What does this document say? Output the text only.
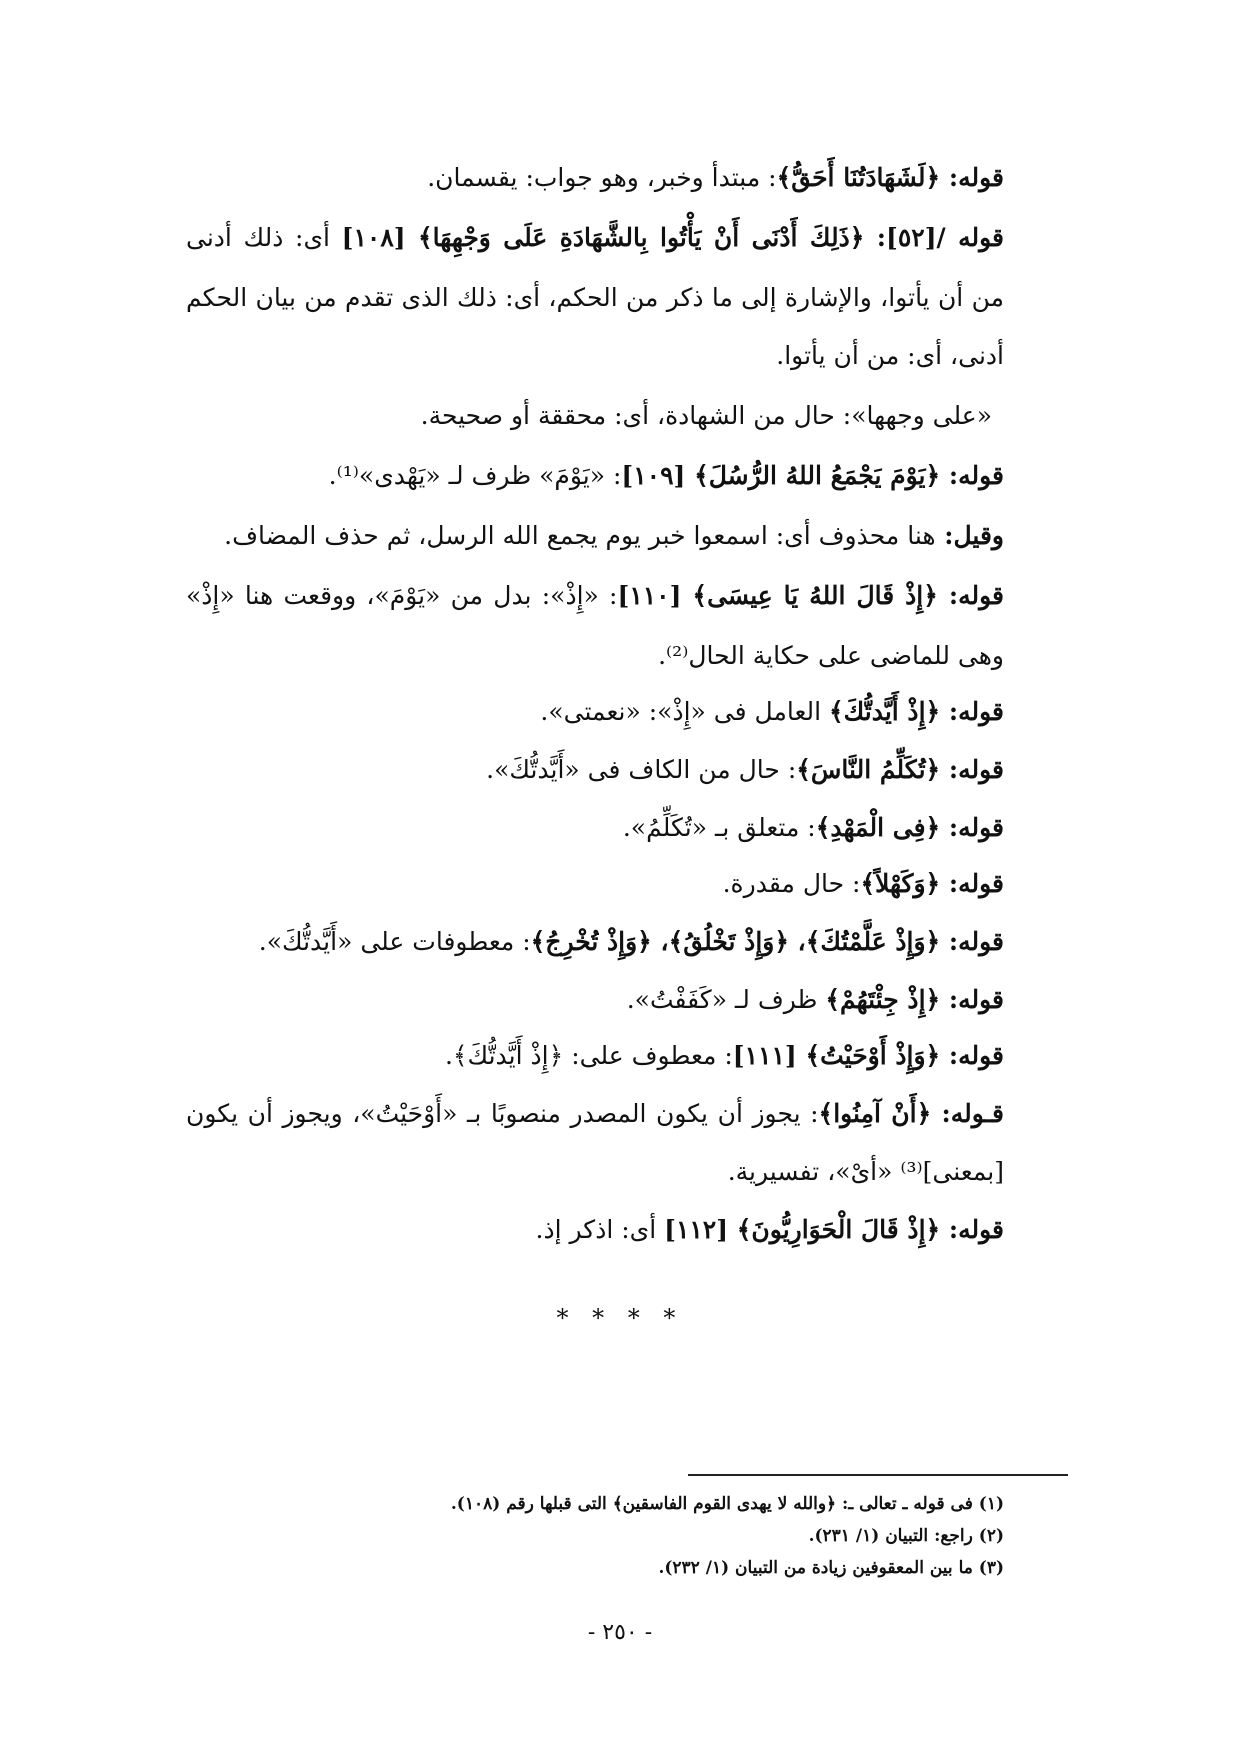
قوله: ﴿لَشَهَادَتُنَا أَحَقُّ﴾: مبتدأ وخبر، وهو جواب: يقسمان.
قوله /[٥٢]: ﴿ذَلِكَ أَدْنَى أَنْ يَأْتُوا بِالشَّهَادَةِ عَلَى وَجْهِهَا﴾ [١٠٨] أى: ذلك أدنى
من أن يأتوا، والإشارة إلى ما ذكر من الحكم، أى: ذلك الذى تقدم من بيان الحكم
أدنى، أى: من أن يأتوا.
«على وجهها»: حال من الشهادة، أى: محققة أو صحيحة.
قوله: ﴿يَوْمَ يَجْمَعُ اللهُ الرُّسُلَ﴾ [١٠٩]: «يَوْمَ» ظرف لـ «يَهْدى»⁽¹⁾.
وقيل: هنا محذوف أى: اسمعوا خبر يوم يجمع الله الرسل، ثم حذف المضاف.
قوله: ﴿إِذْ قَالَ اللهُ يَا عِيسَى﴾ [١١٠]: «إِذْ»: بدل من «يَوْمَ»، ووقعت هنا «إِذْ»
وهى للماضى على حكاية الحال⁽²⁾.
قوله: ﴿إِذْ أَيَّدتُّكَ﴾ العامل فى «إِذْ»: «نعمتى».
قوله: ﴿تُكَلِّمُ النَّاسَ﴾: حال من الكاف فى «أَيَّدتُّكَ».
قوله: ﴿فِى الْمَهْدِ﴾: متعلق بـ «تُكَلِّمُ».
قوله: ﴿وَكَهْلاً﴾: حال مقدرة.
قوله: ﴿وَإِذْ عَلَّمْتُكَ﴾، ﴿وَإِذْ تَخْلُقُ﴾، ﴿وَإِذْ تُخْرِجُ﴾: معطوفات على «أَيَّدتُّكَ».
قوله: ﴿إِذْ جِئْتَهُمْ﴾ ظرف لـ «كَفَفْتُ».
قوله: ﴿وَإِذْ أَوْحَيْتُ﴾ [١١١]: معطوف على: ﴿إِذْ أَيَّدتُّكَ﴾.
قـوله: ﴿أَنْ آمِنُوا﴾: يجوز أن يكون المصدر منصوبًا بـ «أَوْحَيْتُ»، ويجوز أن يكون
[بمعنى]⁽³⁾ «أىْ»، تفسيرية.
قوله: ﴿إِذْ قَالَ الْحَوَارِيُّونَ﴾ [١١٢] أى: اذكر إذ.
* * * *
(١) فى قوله ـ تعالى ـ: ﴿والله لا يهدى القوم الفاسقين﴾ التى قبلها رقم (١٠٨).
(٢) راجع: التبيان (١/ ٢٣١).
(٣) ما بين المعقوفين زيادة من التبيان (١/ ٢٣٢).
- ٢٥٠ -
